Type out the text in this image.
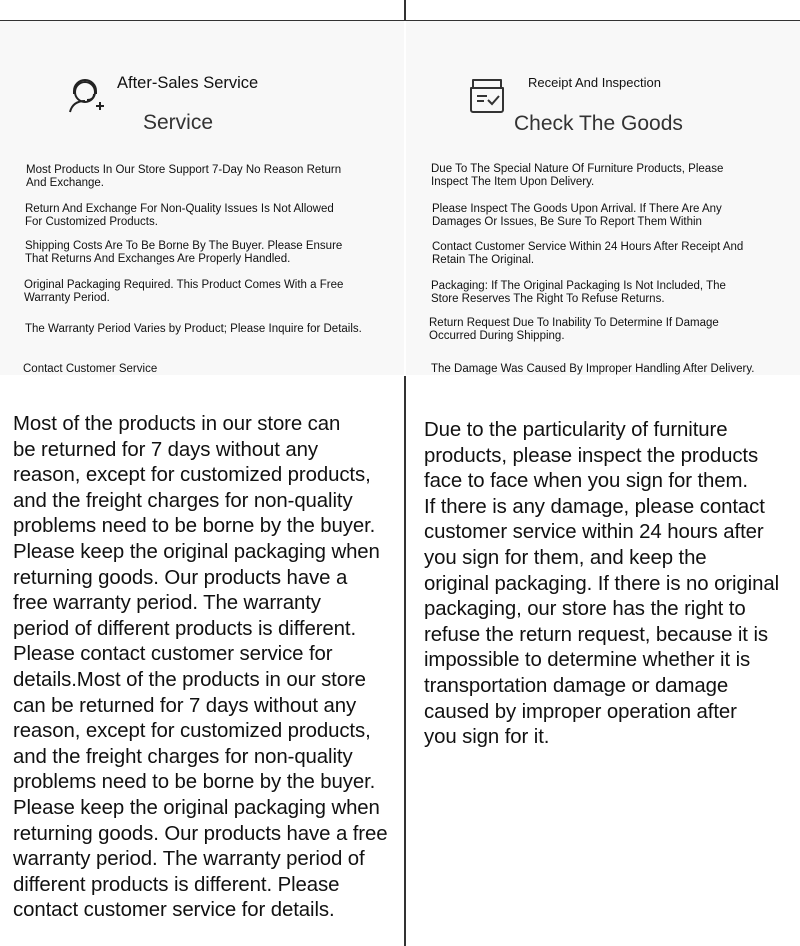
After-Sales Service
Service
Most Products In Our Store Support 7-Day No Reason Return
And Exchange.
Return And Exchange For Non-Quality Issues Is Not Allowed
For Customized Products.
Shipping Costs Are To Be Borne By The Buyer. Please Ensure
That Returns And Exchanges Are Properly Handled.
Original Packaging Required. This Product Comes With a Free
Warranty Period.
The Warranty Period Varies by Product; Please Inquire for Details.
Contact Customer Service
Receipt And Inspection
Check The Goods
Due To The Special Nature Of Furniture Products, Please
Inspect The Item Upon Delivery.
Please Inspect The Goods Upon Arrival. If There Are Any
Damages Or Issues, Be Sure To Report Them Within
Contact Customer Service Within 24 Hours After Receipt And
Retain The Original.
Packaging: If The Original Packaging Is Not Included, The
Store Reserves The Right To Refuse Returns.
Return Request Due To Inability To Determine If Damage
Occurred During Shipping.
The Damage Was Caused By Improper Handling After Delivery.
Most of the products in our store can
be returned for 7 days without any
reason, except for customized products,
and the freight charges for non-quality
problems need to be borne by the buyer.
Please keep the original packaging when
returning goods. Our products have a
free warranty period. The warranty
period of different products is different.
Please contact customer service for
details.Most of the products in our store
can be returned for 7 days without any
reason, except for customized products,
and the freight charges for non-quality
problems need to be borne by the buyer.
Please keep the original packaging when
returning goods. Our products have a free
warranty period. The warranty period of
different products is different. Please
contact customer service for details.
Due to the particularity of furniture
products, please inspect the products
face to face when you sign for them.
If there is any damage, please contact
customer service within 24 hours after
you sign for them, and keep the
original packaging. If there is no original
packaging, our store has the right to
refuse the return request, because it is
impossible to determine whether it is
transportation damage or damage
caused by improper operation after
you sign for it.
